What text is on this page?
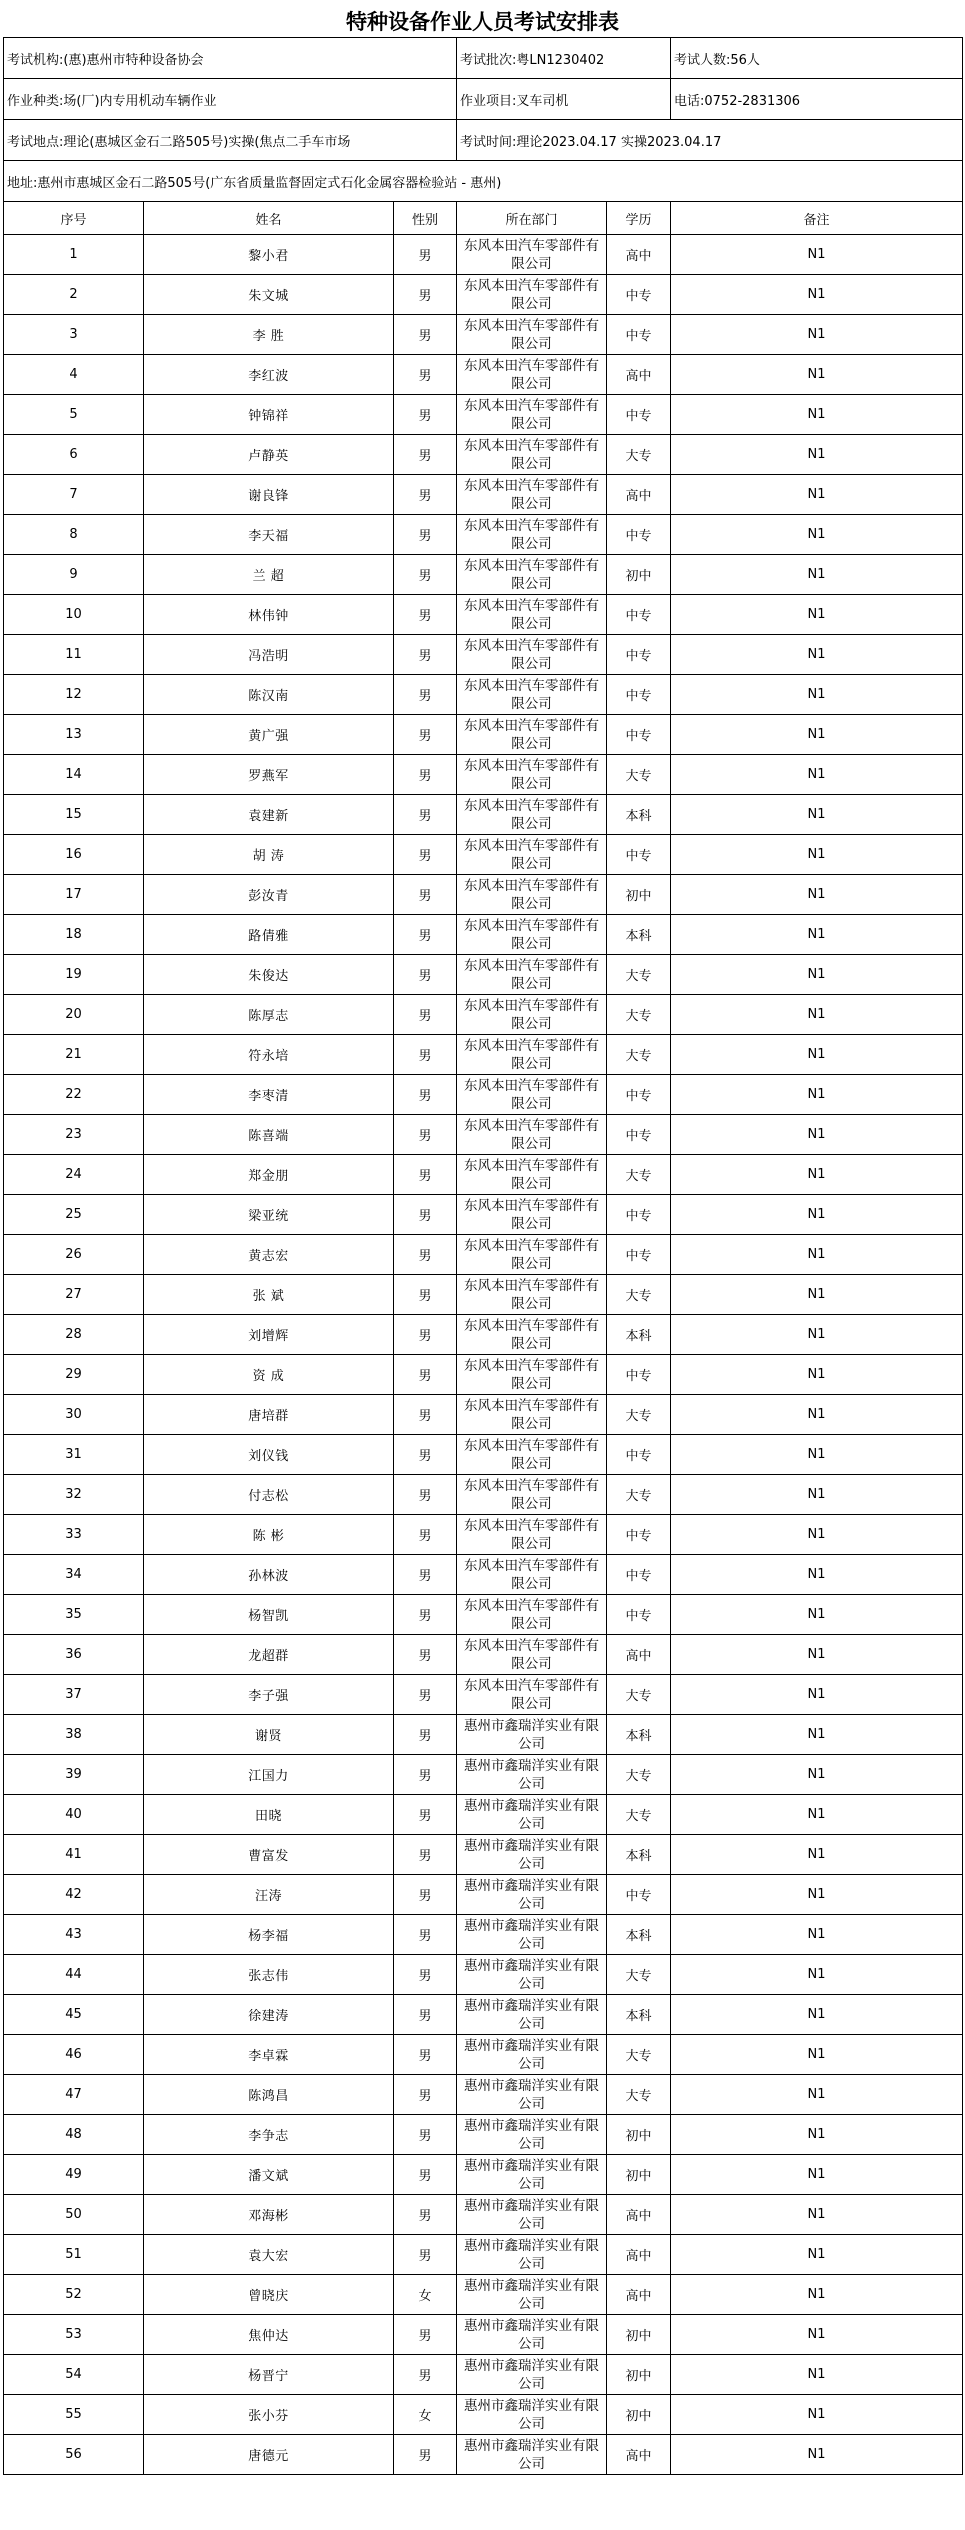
特种设备作业人员考试安排表
考试机构:(惠)惠州市特种设备协会			考试批次:粤LN1230402		考试人数:56人
作业种类:场(厂)内专用机动车辆作业			作业项目:叉车司机		电话:0752-2831306
考试地点:理论(惠城区金石二路505号)实操(焦点二手车市场			考试时间:理论2023.04.17 实操2023.04.17		
地址:惠州市惠城区金石二路505号(广东省质量监督固定式石化金属容器检验站 - 惠州)					
序号	姓名	性别	所在部门	学历	备注
1	黎小君	男	东风本田汽车零部件有限公司	高中	N1
2	朱文城	男	东风本田汽车零部件有限公司	中专	N1
3	李 胜	男	东风本田汽车零部件有限公司	中专	N1
4	李红波	男	东风本田汽车零部件有限公司	高中	N1
5	钟锦祥	男	东风本田汽车零部件有限公司	中专	N1
6	卢静英	男	东风本田汽车零部件有限公司	大专	N1
7	谢良锋	男	东风本田汽车零部件有限公司	高中	N1
8	李天福	男	东风本田汽车零部件有限公司	中专	N1
9	兰 超	男	东风本田汽车零部件有限公司	初中	N1
10	林伟钟	男	东风本田汽车零部件有限公司	中专	N1
11	冯浩明	男	东风本田汽车零部件有限公司	中专	N1
12	陈汉南	男	东风本田汽车零部件有限公司	中专	N1
13	黄广强	男	东风本田汽车零部件有限公司	中专	N1
14	罗燕军	男	东风本田汽车零部件有限公司	大专	N1
15	袁建新	男	东风本田汽车零部件有限公司	本科	N1
16	胡 涛	男	东风本田汽车零部件有限公司	中专	N1
17	彭汝青	男	东风本田汽车零部件有限公司	初中	N1
18	路倩雅	男	东风本田汽车零部件有限公司	本科	N1
19	朱俊达	男	东风本田汽车零部件有限公司	大专	N1
20	陈厚志	男	东风本田汽车零部件有限公司	大专	N1
21	符永培	男	东风本田汽车零部件有限公司	大专	N1
22	李枣清	男	东风本田汽车零部件有限公司	中专	N1
23	陈喜端	男	东风本田汽车零部件有限公司	中专	N1
24	郑金朋	男	东风本田汽车零部件有限公司	大专	N1
25	梁亚统	男	东风本田汽车零部件有限公司	中专	N1
26	黄志宏	男	东风本田汽车零部件有限公司	中专	N1
27	张 斌	男	东风本田汽车零部件有限公司	大专	N1
28	刘增辉	男	东风本田汽车零部件有限公司	本科	N1
29	资 成	男	东风本田汽车零部件有限公司	中专	N1
30	唐培群	男	东风本田汽车零部件有限公司	大专	N1
31	刘仪钱	男	东风本田汽车零部件有限公司	中专	N1
32	付志松	男	东风本田汽车零部件有限公司	大专	N1
33	陈 彬	男	东风本田汽车零部件有限公司	中专	N1
34	孙林波	男	东风本田汽车零部件有限公司	中专	N1
35	杨智凯	男	东风本田汽车零部件有限公司	中专	N1
36	龙超群	男	东风本田汽车零部件有限公司	高中	N1
37	李子强	男	东风本田汽车零部件有限公司	大专	N1
38	谢贤	男	惠州市鑫瑞洋实业有限公司	本科	N1
39	江国力	男	惠州市鑫瑞洋实业有限公司	大专	N1
40	田晓	男	惠州市鑫瑞洋实业有限公司	大专	N1
41	曹富发	男	惠州市鑫瑞洋实业有限公司	本科	N1
42	汪涛	男	惠州市鑫瑞洋实业有限公司	中专	N1
43	杨李福	男	惠州市鑫瑞洋实业有限公司	本科	N1
44	张志伟	男	惠州市鑫瑞洋实业有限公司	大专	N1
45	徐建涛	男	惠州市鑫瑞洋实业有限公司	本科	N1
46	李卓霖	男	惠州市鑫瑞洋实业有限公司	大专	N1
47	陈鸿昌	男	惠州市鑫瑞洋实业有限公司	大专	N1
48	李争志	男	惠州市鑫瑞洋实业有限公司	初中	N1
49	潘文斌	男	惠州市鑫瑞洋实业有限公司	初中	N1
50	邓海彬	男	惠州市鑫瑞洋实业有限公司	高中	N1
51	袁大宏	男	惠州市鑫瑞洋实业有限公司	高中	N1
52	曾晓庆	女	惠州市鑫瑞洋实业有限公司	高中	N1
53	焦仲达	男	惠州市鑫瑞洋实业有限公司	初中	N1
54	杨晋宁	男	惠州市鑫瑞洋实业有限公司	初中	N1
55	张小芬	女	惠州市鑫瑞洋实业有限公司	初中	N1
56	唐德元	男	惠州市鑫瑞洋实业有限公司	高中	N1
